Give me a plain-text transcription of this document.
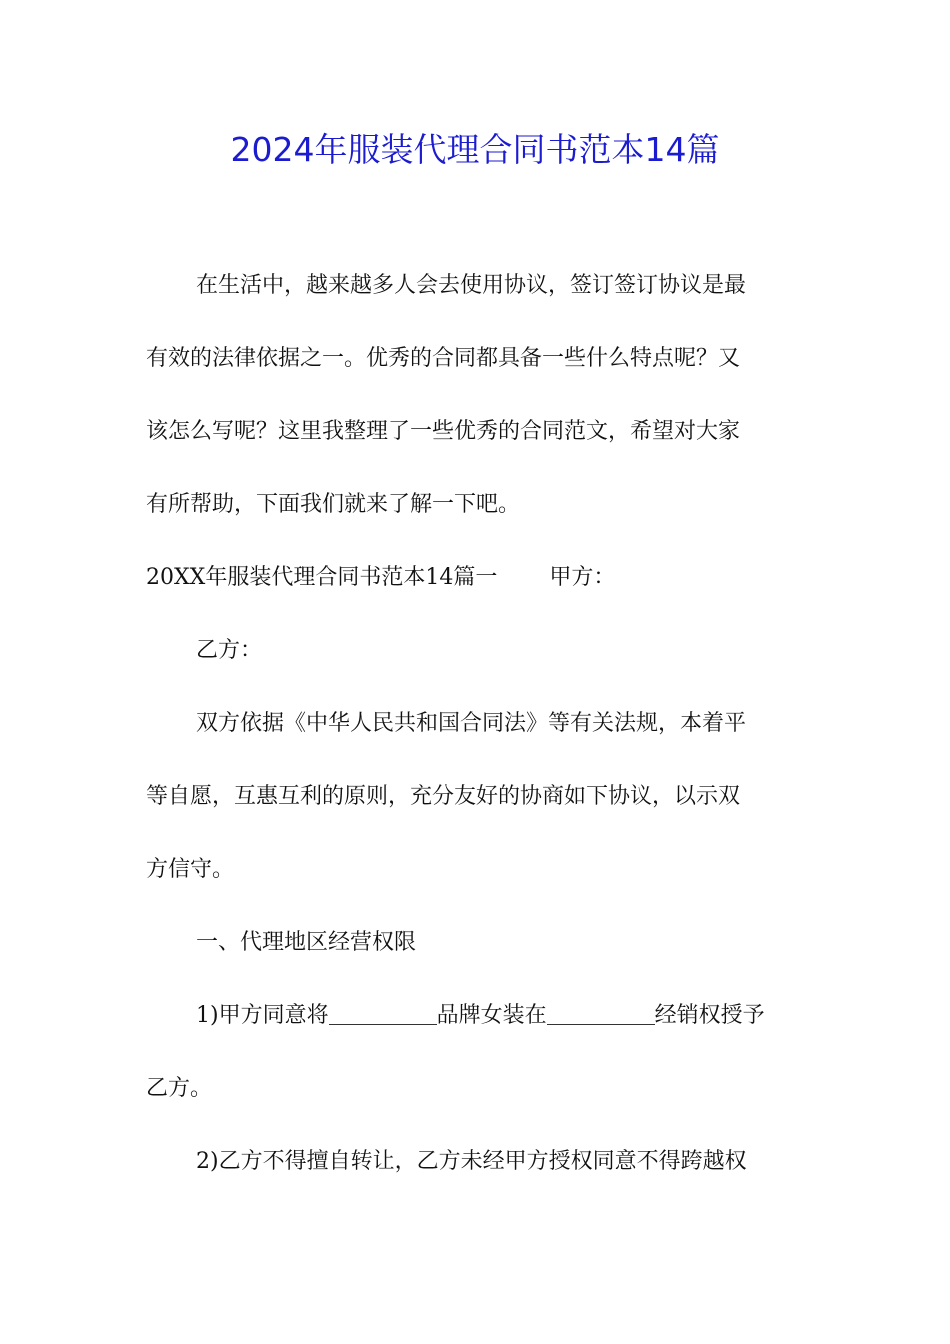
2024年服装代理合同书范本14篇

在生活中，越来越多人会去使用协议，签订签订协议是最

有效的法律依据之一。优秀的合同都具备一些什么特点呢？又

该怎么写呢？这里我整理了一些优秀的合同范文，希望对大家

有所帮助，下面我们就来了解一下吧。

20XX年服装代理合同书范本14篇一 甲方：

乙方：

双方依据《中华人民共和国合同法》等有关法规，本着平

等自愿，互惠互利的原则，充分友好的协商如下协议，以示双

方信守。

一、代理地区经营权限

1)甲方同意将	品牌女装在	经销权授予

乙方。

2)乙方不得擅自转让，乙方未经甲方授权同意不得跨越权
